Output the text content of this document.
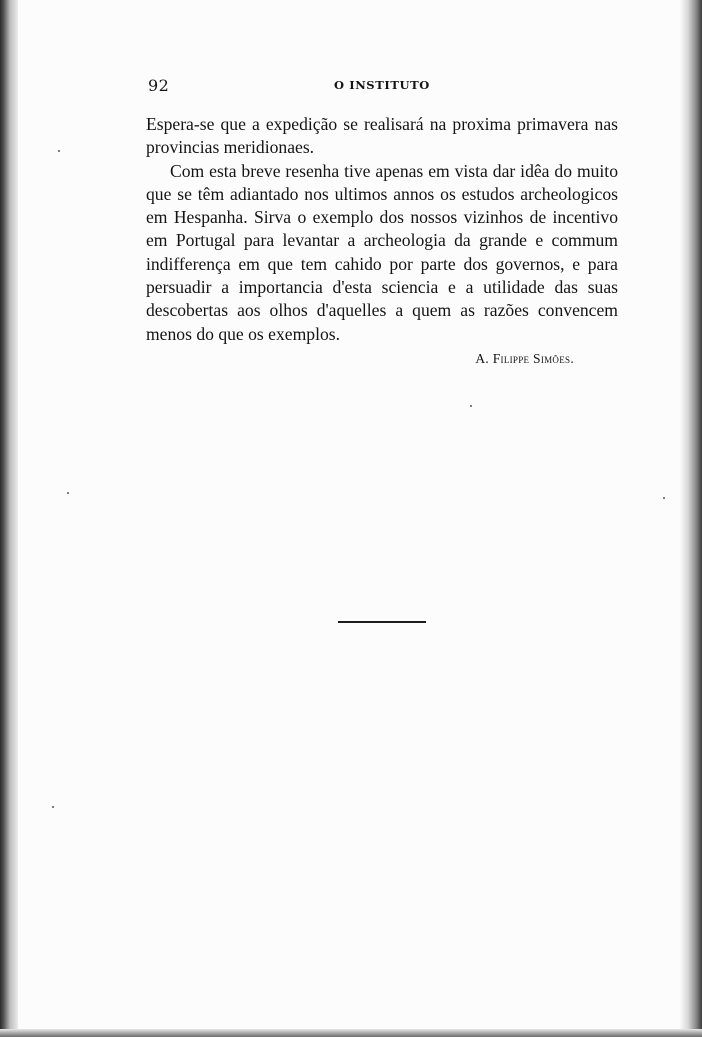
92	O INSTITUTO

Espera-se que a expedição se realisará na proxima primavera nas provincias meridionaes.

Com esta breve resenha tive apenas em vista dar idêa do muito que se têm adiantado nos ultimos annos os estudos archeologicos em Hespanha. Sirva o exemplo dos nossos vizinhos de incentivo em Portugal para levantar a archeologia da grande e commum indifferença em que tem cahido por parte dos governos, e para persuadir a importancia d'esta sciencia e a utilidade das suas descobertas aos olhos d'aquelles a quem as razões convencem menos do que os exemplos.

A. Filippe Simões.
